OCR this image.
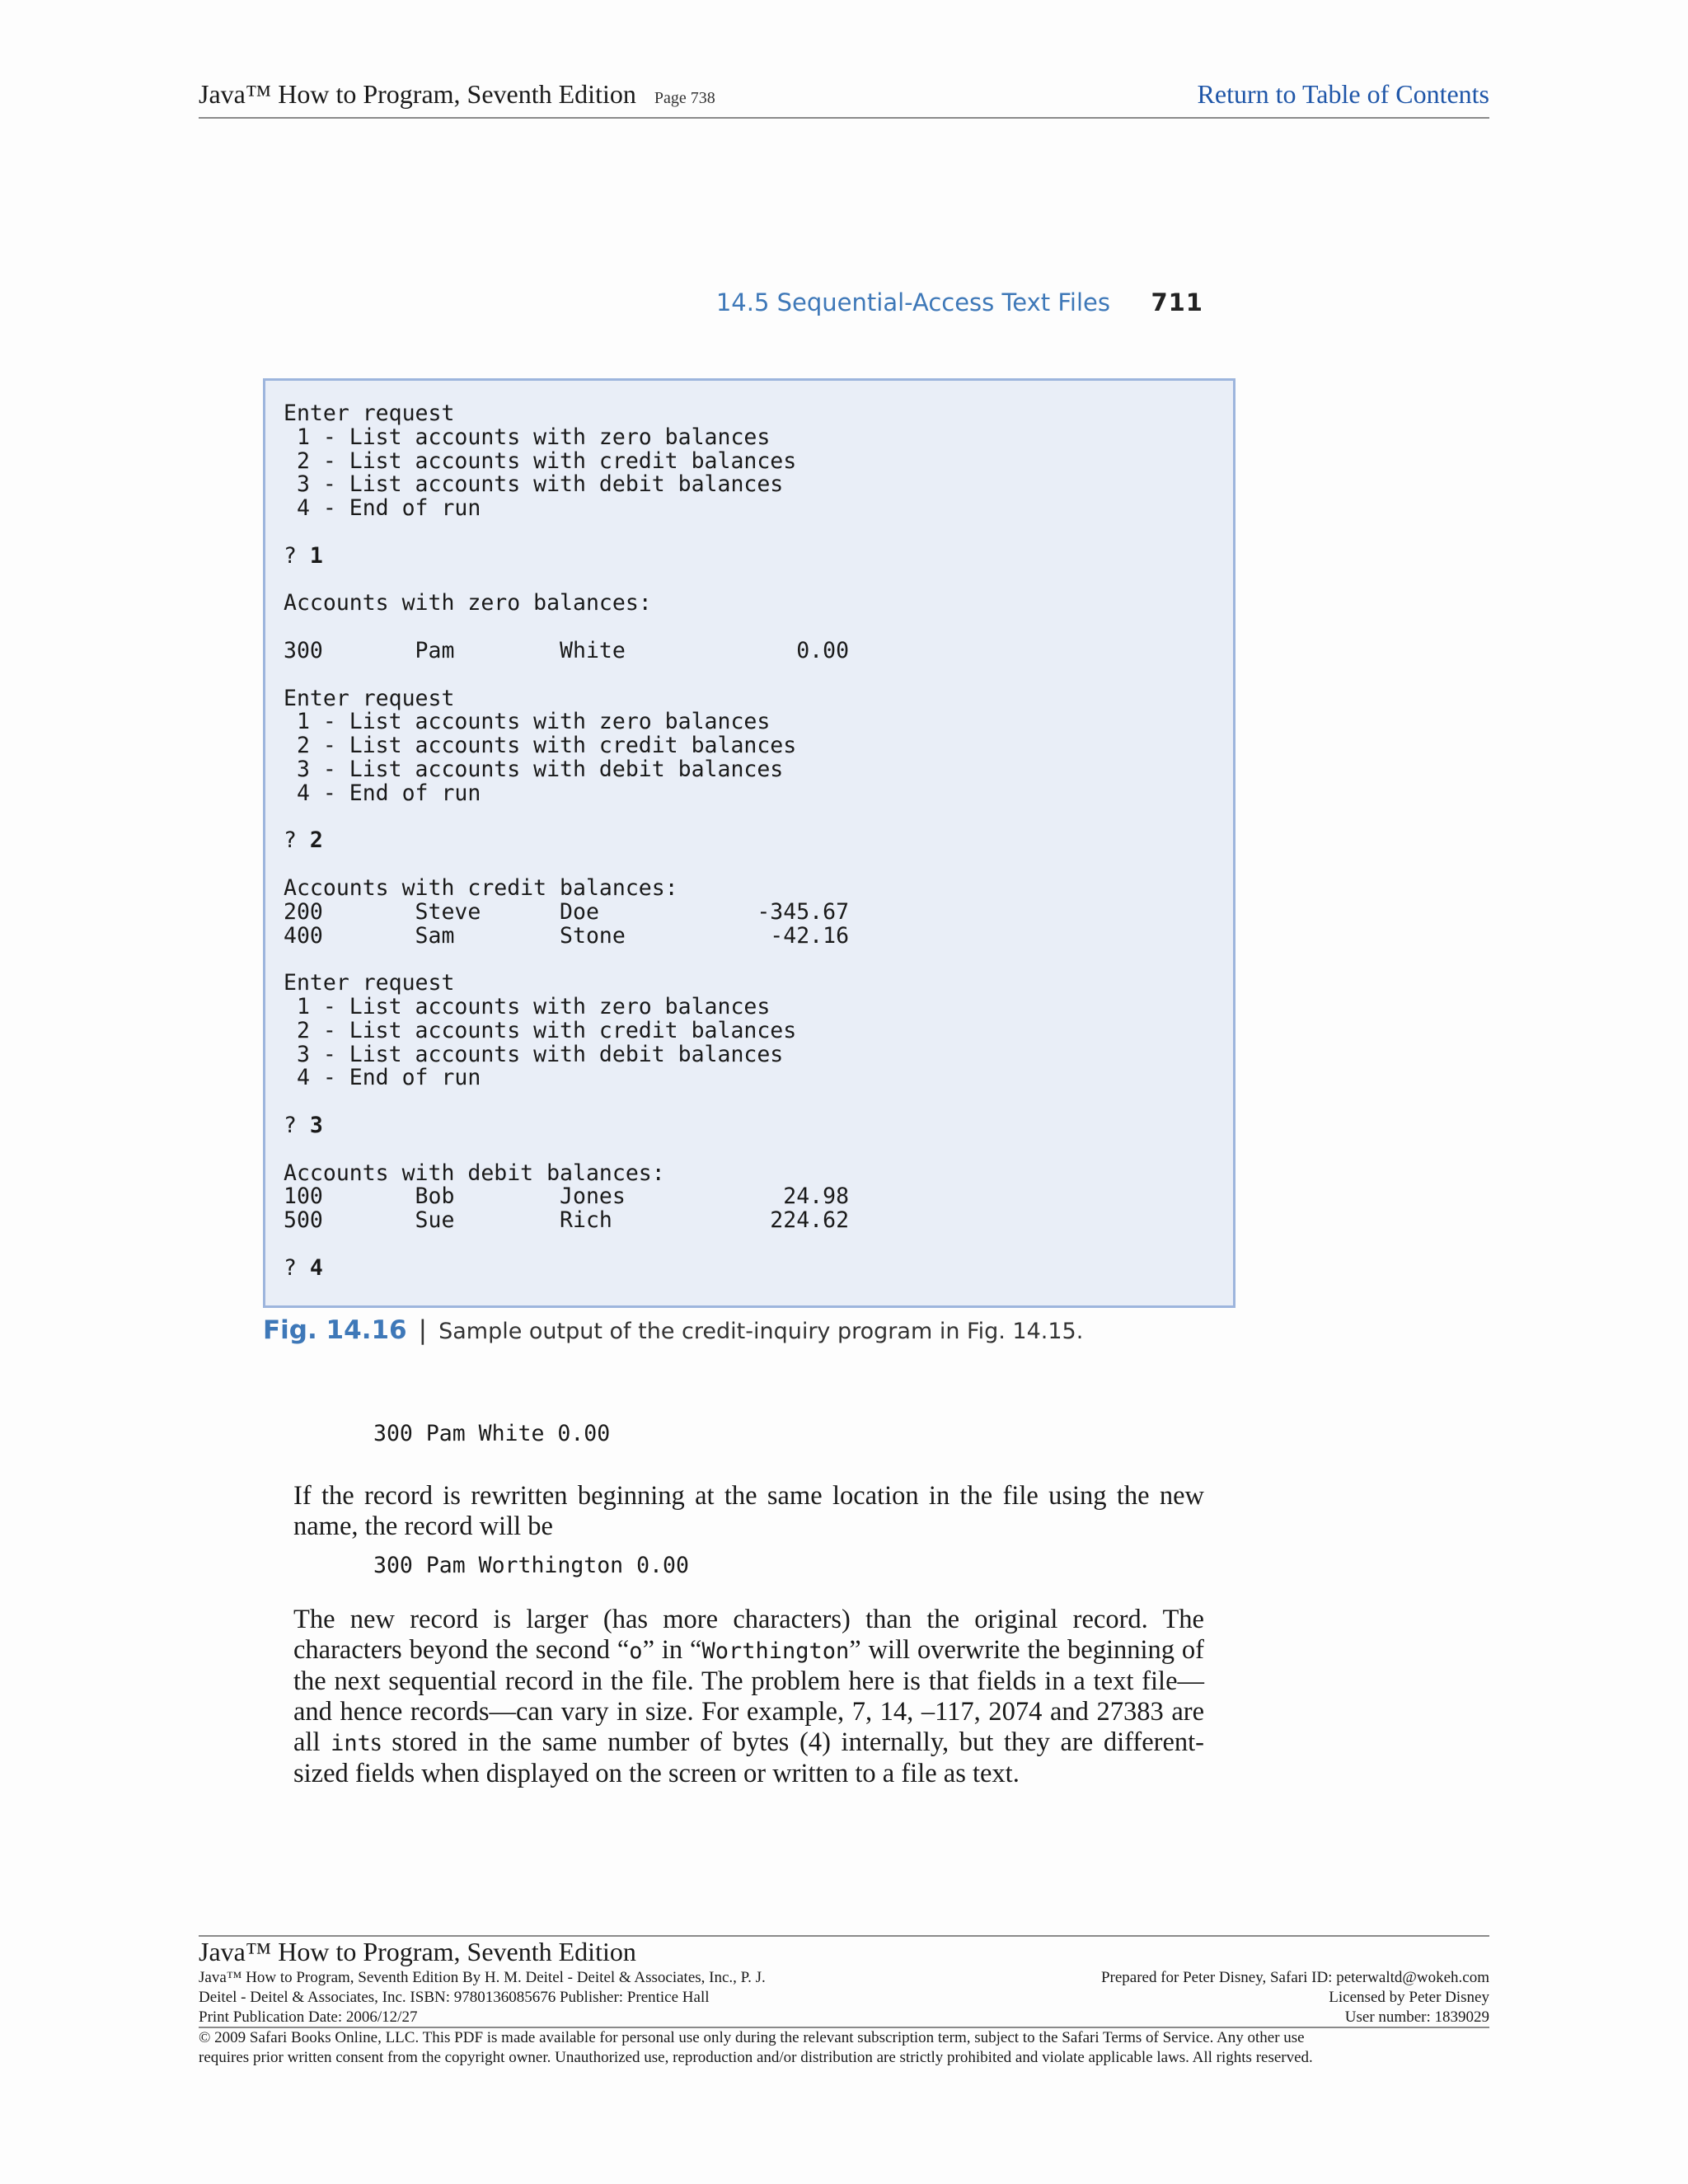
Java™ How to Program, Seventh Edition Page 738	Return to Table of Contents
14.5 Sequential-Access Text Files 711
Enter request
1 - List accounts with zero balances
2 - List accounts with credit balances
3 - List accounts with debit balances
4 - End of run

? 1

Accounts with zero balances:

300       Pam        White             0.00

Enter request
1 - List accounts with zero balances
2 - List accounts with credit balances
3 - List accounts with debit balances
4 - End of run

? 2

Accounts with credit balances:
200       Steve      Doe            -345.67
400       Sam        Stone           -42.16

Enter request
1 - List accounts with zero balances
2 - List accounts with credit balances
3 - List accounts with debit balances
4 - End of run

? 3

Accounts with debit balances:
100       Bob        Jones            24.98
500       Sue        Rich            224.62

? 4
Fig. 14.16 | Sample output of the credit-inquiry program in Fig. 14.15.
300 Pam White 0.00
If the record is rewritten beginning at the same location in the file using the new name, the record will be
300 Pam Worthington 0.00
The new record is larger (has more characters) than the original record. The characters beyond the second “o” in “Worthington” will overwrite the beginning of the next sequential record in the file. The problem here is that fields in a text file—and hence records—can vary in size. For example, 7, 14, –117, 2074 and 27383 are all ints stored in the same number of bytes (4) internally, but they are different-sized fields when displayed on the screen or written to a file as text.
Java™ How to Program, Seventh Edition
Java™ How to Program, Seventh Edition By H. M. Deitel - Deitel & Associates, Inc., P. J.
Deitel - Deitel & Associates, Inc. ISBN: 9780136085676 Publisher: Prentice Hall
Print Publication Date: 2006/12/27
Prepared for Peter Disney, Safari ID: peterwaltd@wokeh.com
Licensed by Peter Disney
User number: 1839029
© 2009 Safari Books Online, LLC. This PDF is made available for personal use only during the relevant subscription term, subject to the Safari Terms of Service. Any other use
requires prior written consent from the copyright owner. Unauthorized use, reproduction and/or distribution are strictly prohibited and violate applicable laws. All rights reserved.
